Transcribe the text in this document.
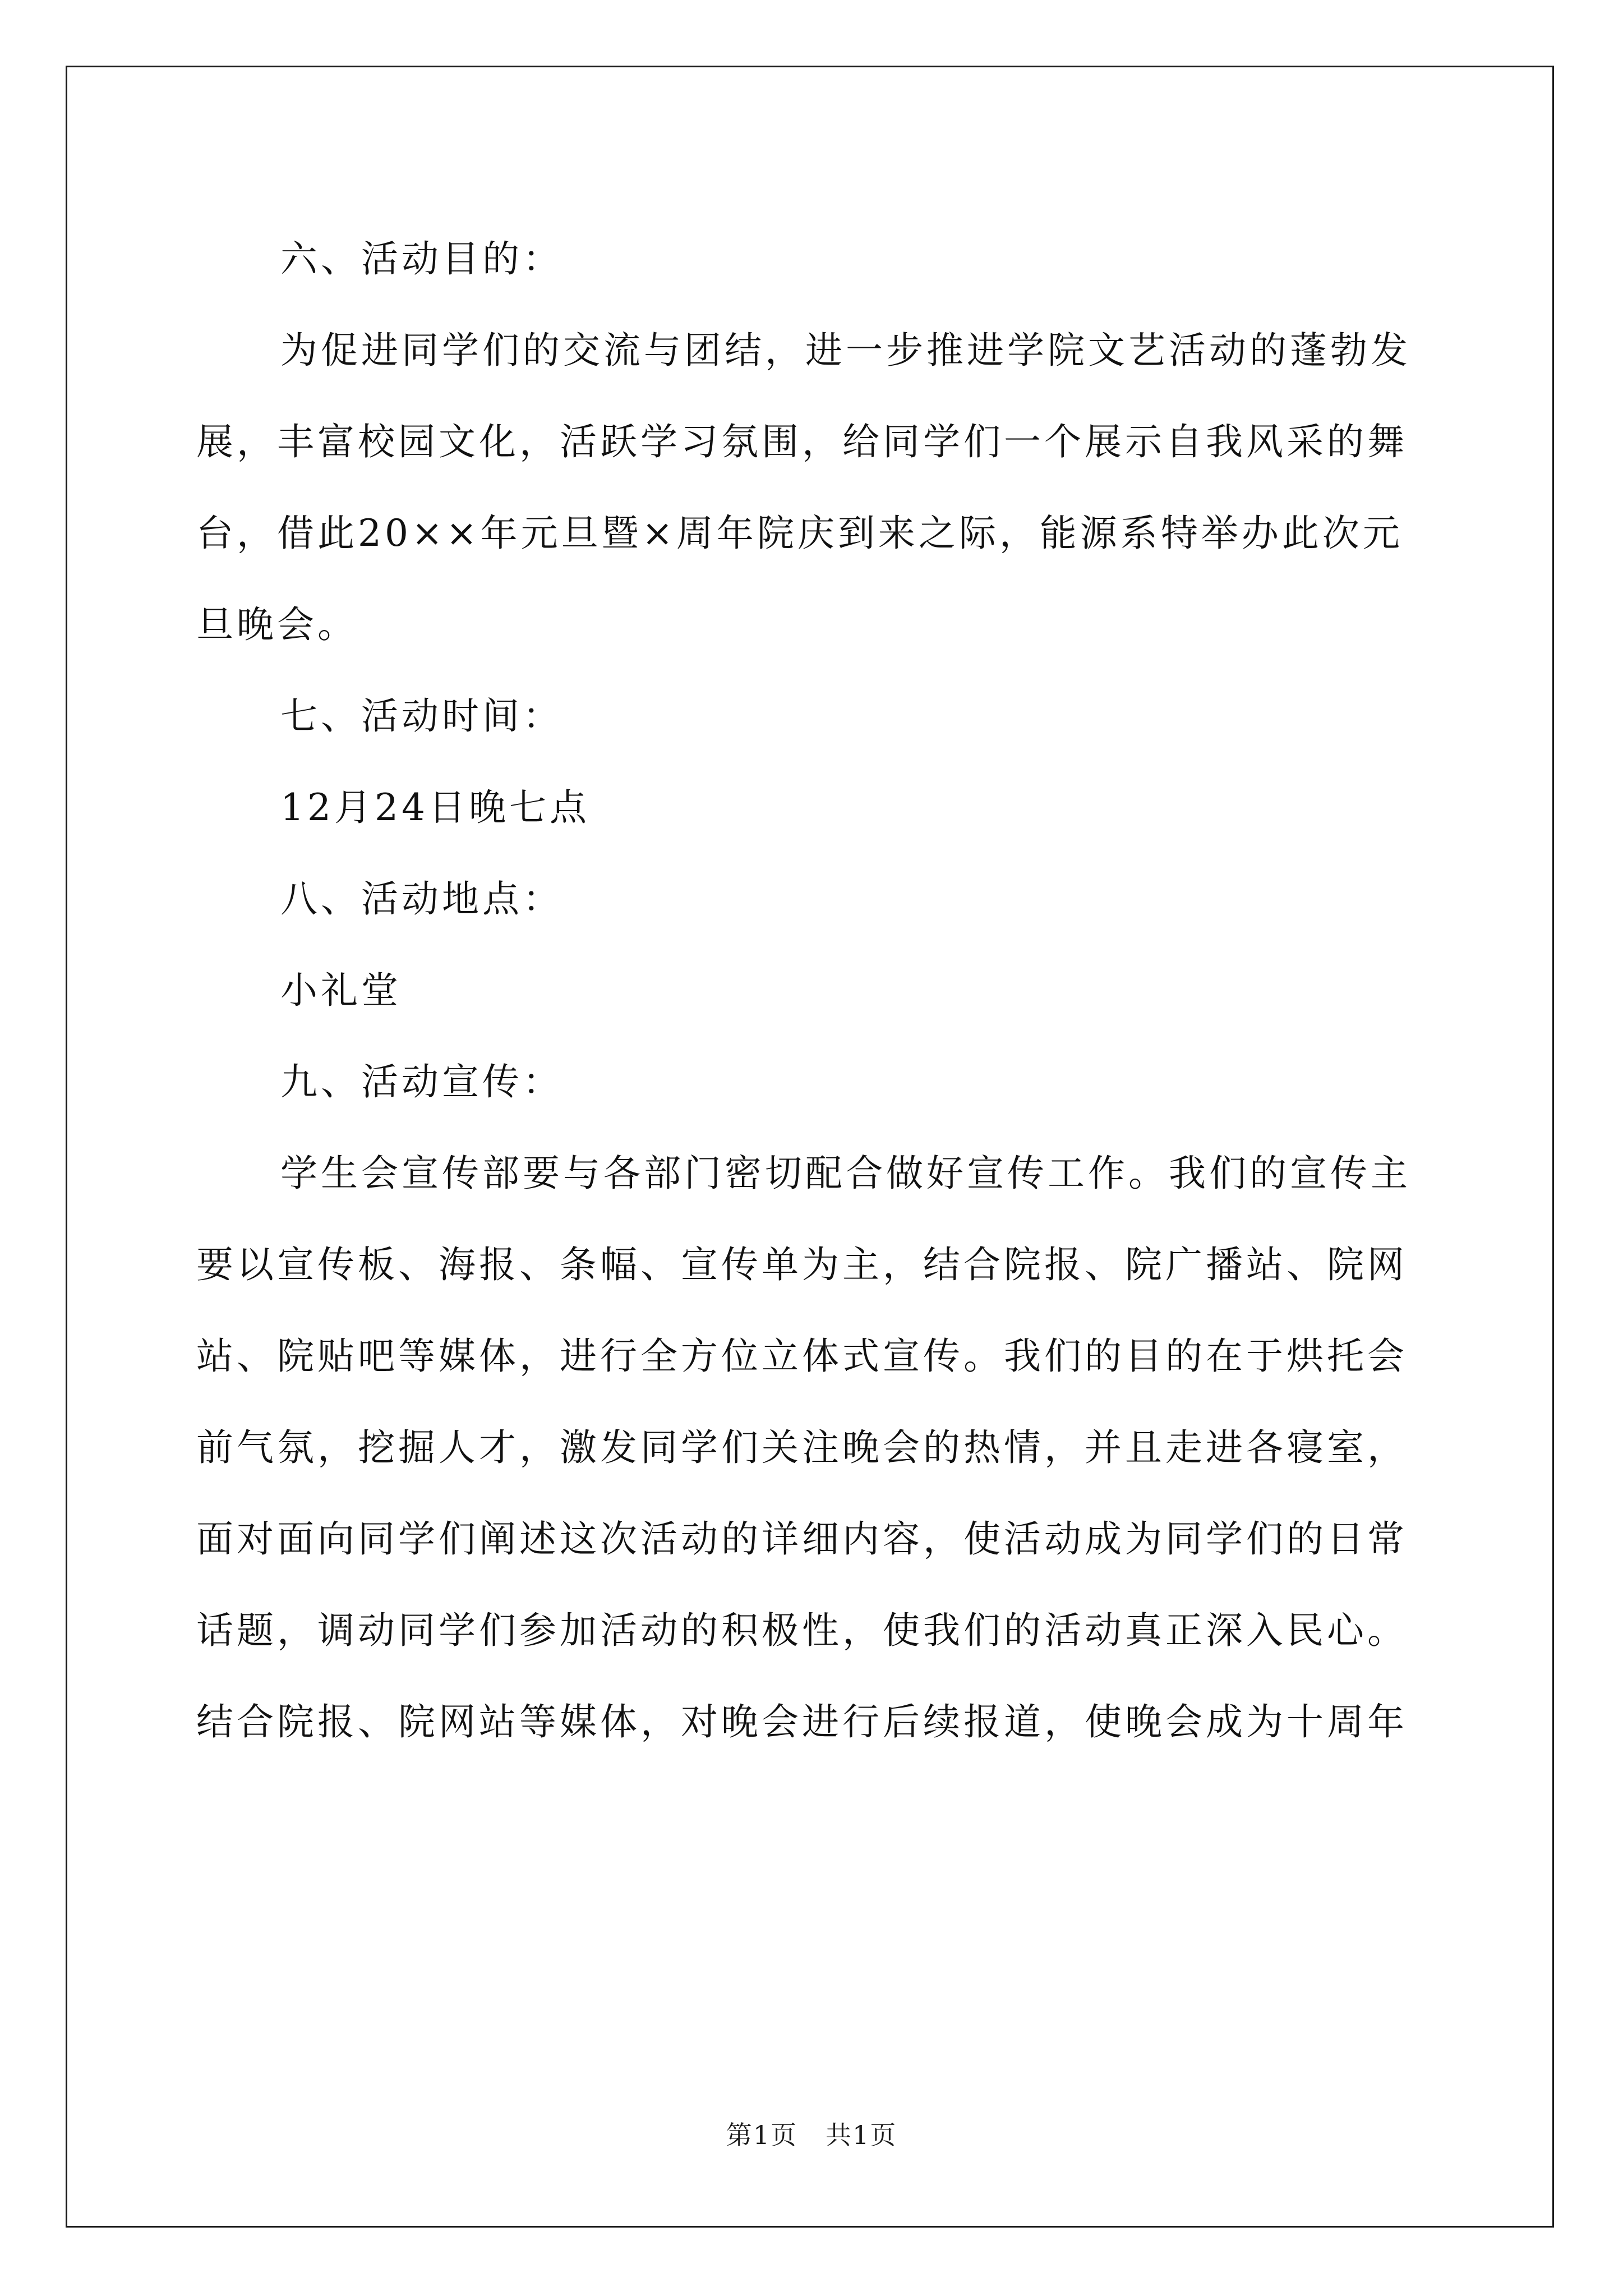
六、活动目的：
为促进同学们的交流与团结，进一步推进学院文艺活动的蓬勃发
展，丰富校园文化，活跃学习氛围，给同学们一个展示自我风采的舞
台，借此20××年元旦暨×周年院庆到来之际，能源系特举办此次元
旦晚会。
七、活动时间：
12月24日晚七点
八、活动地点：
小礼堂
九、活动宣传：
学生会宣传部要与各部门密切配合做好宣传工作。我们的宣传主
要以宣传板、海报、条幅、宣传单为主，结合院报、院广播站、院网
站、院贴吧等媒体，进行全方位立体式宣传。我们的目的在于烘托会
前气氛，挖掘人才，激发同学们关注晚会的热情，并且走进各寝室，
面对面向同学们阐述这次活动的详细内容，使活动成为同学们的日常
话题，调动同学们参加活动的积极性，使我们的活动真正深入民心。
结合院报、院网站等媒体，对晚会进行后续报道，使晚会成为十周年
第1页 共1页
